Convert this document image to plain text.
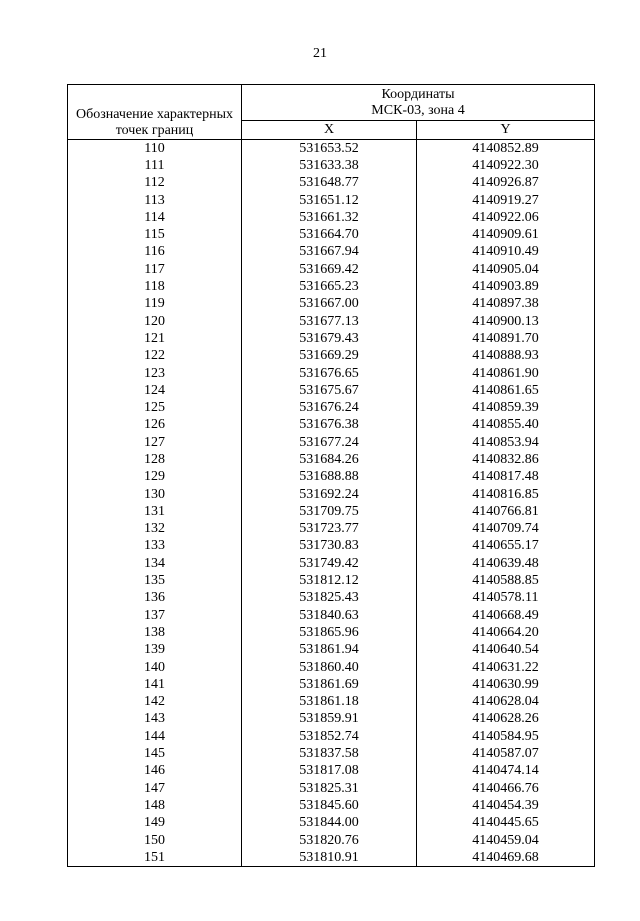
21
Обозначение характерных точек границ	Координаты
МСК-03, зона 4	

	X	Y
110	531653.52	4140852.89
111	531633.38	4140922.30
112	531648.77	4140926.87
113	531651.12	4140919.27
114	531661.32	4140922.06
115	531664.70	4140909.61
116	531667.94	4140910.49
117	531669.42	4140905.04
118	531665.23	4140903.89
119	531667.00	4140897.38
120	531677.13	4140900.13
121	531679.43	4140891.70
122	531669.29	4140888.93
123	531676.65	4140861.90
124	531675.67	4140861.65
125	531676.24	4140859.39
126	531676.38	4140855.40
127	531677.24	4140853.94
128	531684.26	4140832.86
129	531688.88	4140817.48
130	531692.24	4140816.85
131	531709.75	4140766.81
132	531723.77	4140709.74
133	531730.83	4140655.17
134	531749.42	4140639.48
135	531812.12	4140588.85
136	531825.43	4140578.11
137	531840.63	4140668.49
138	531865.96	4140664.20
139	531861.94	4140640.54
140	531860.40	4140631.22
141	531861.69	4140630.99
142	531861.18	4140628.04
143	531859.91	4140628.26
144	531852.74	4140584.95
145	531837.58	4140587.07
146	531817.08	4140474.14
147	531825.31	4140466.76
148	531845.60	4140454.39
149	531844.00	4140445.65
150	531820.76	4140459.04
151	531810.91	4140469.68
